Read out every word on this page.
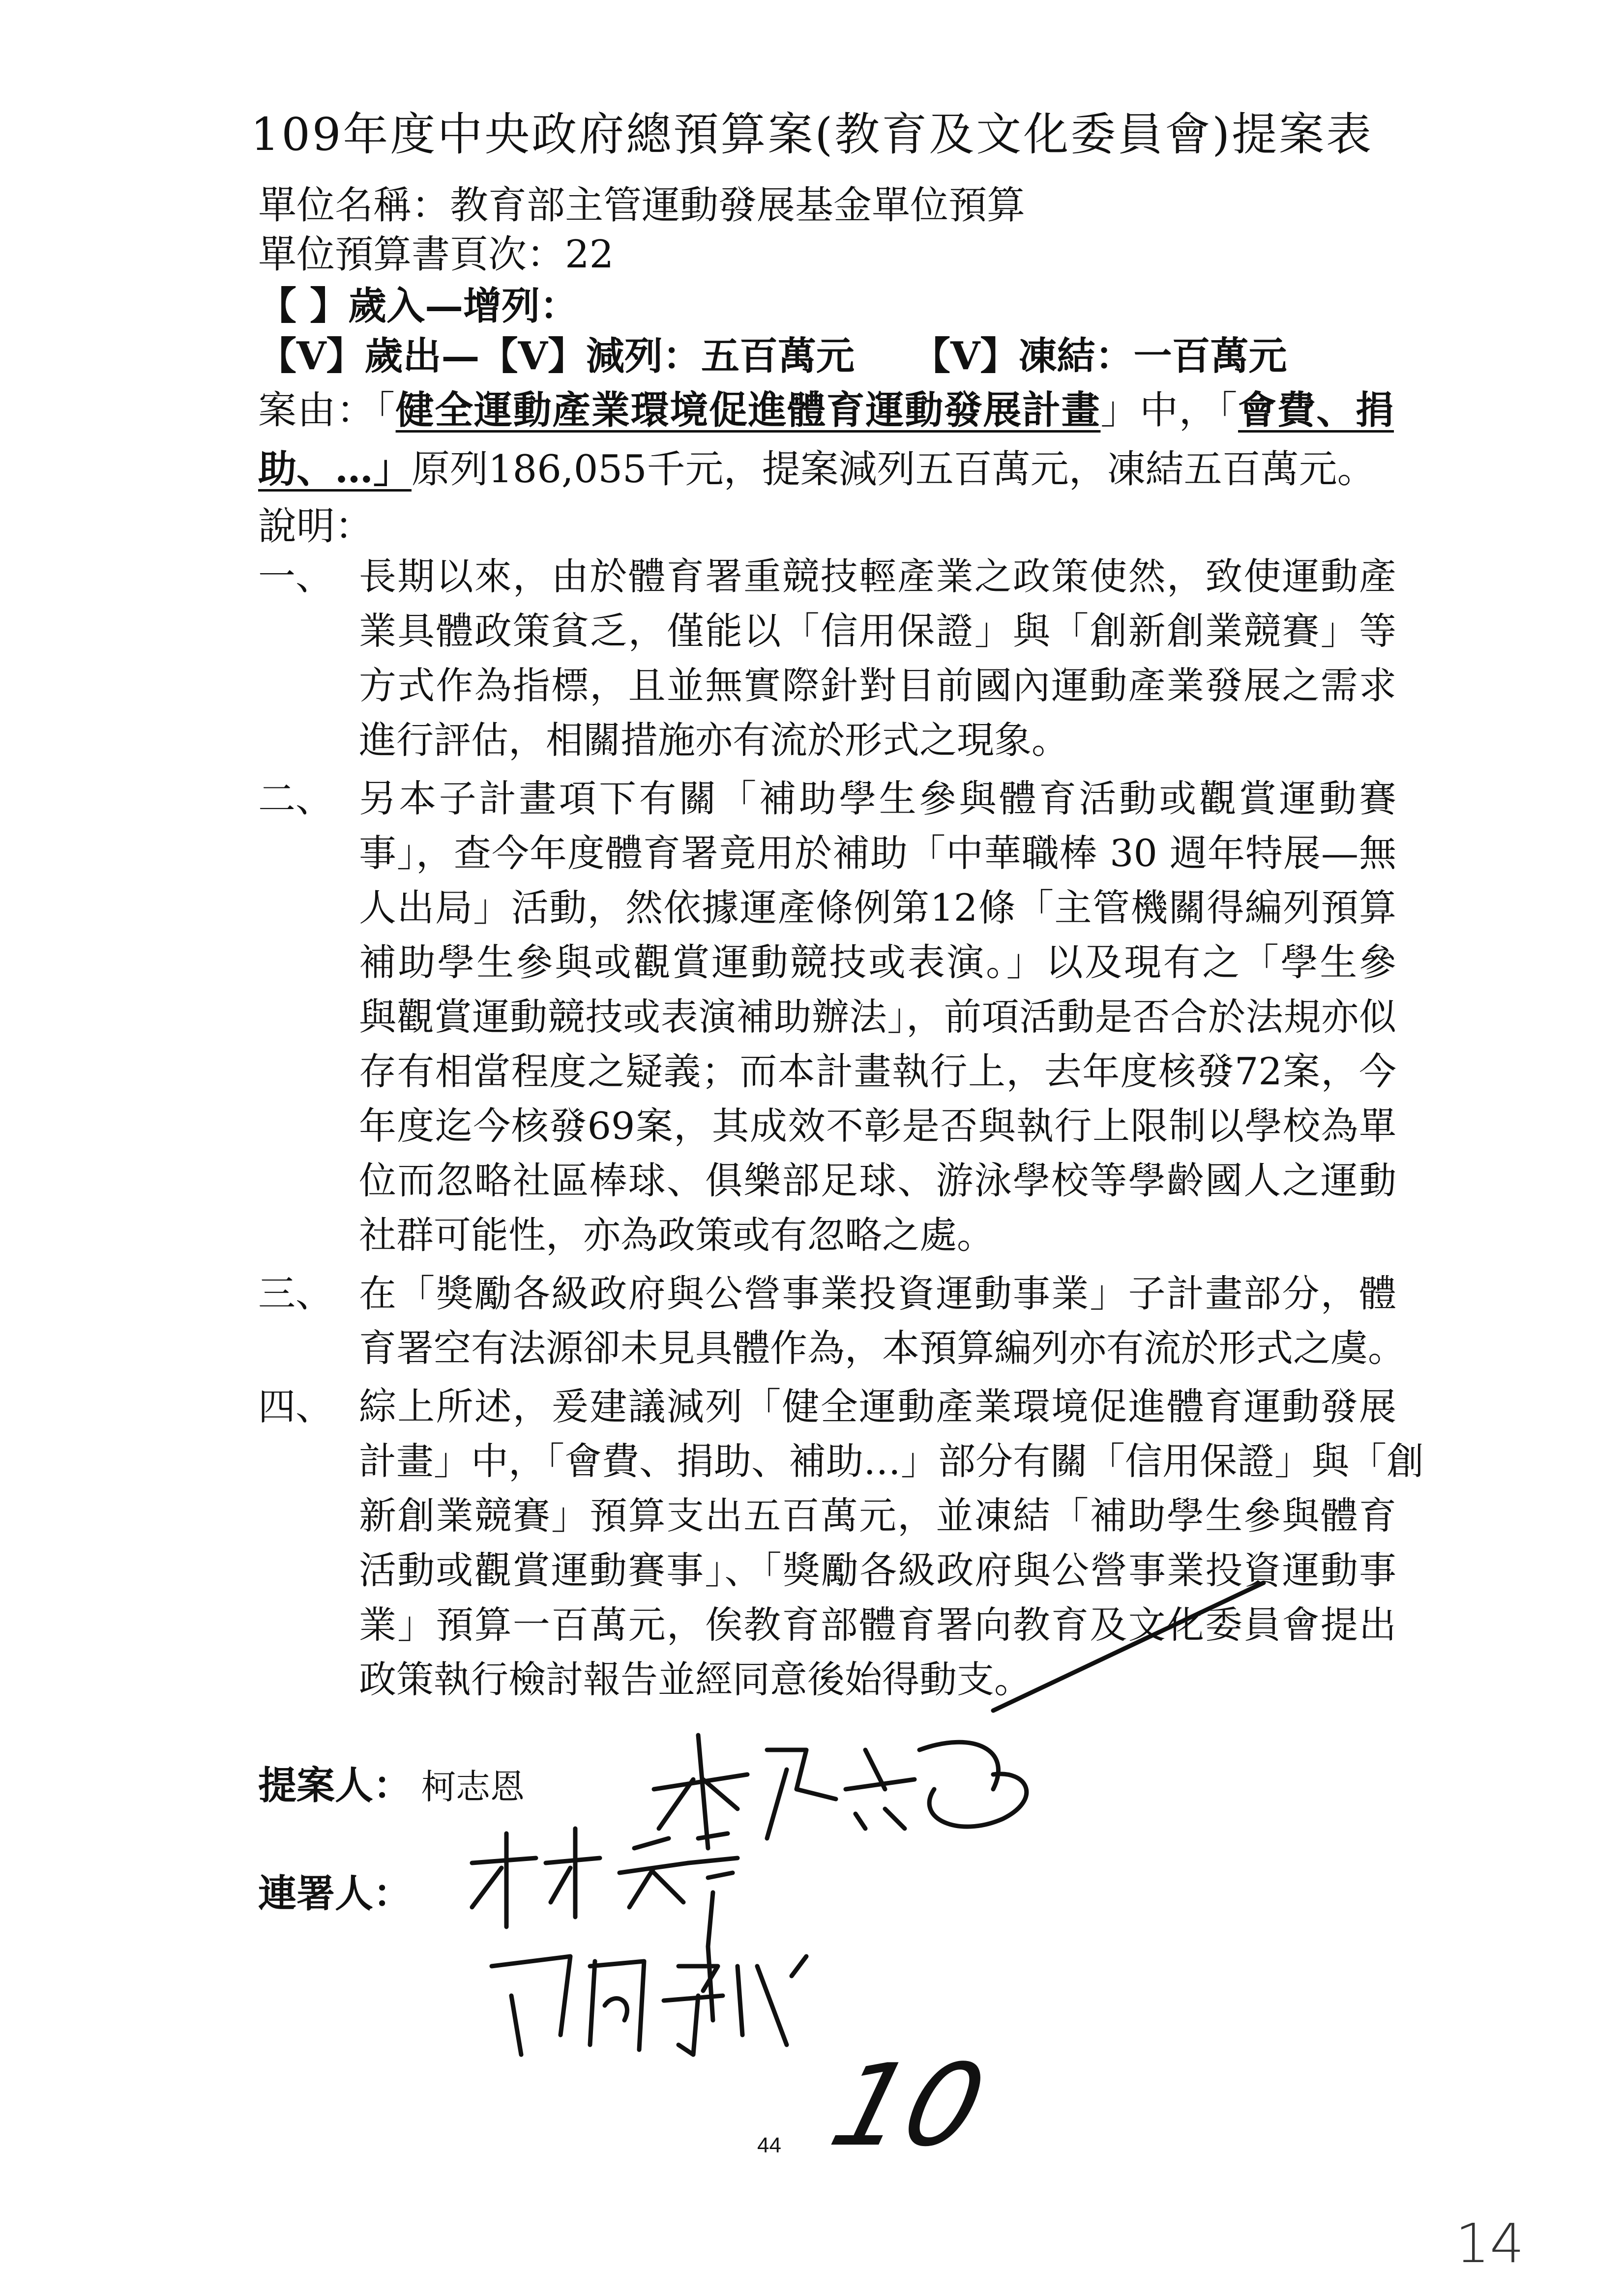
109年度中央政府總預算案(教育及文化委員會)提案表
單位名稱：教育部主管運動發展基金單位預算
單位預算書頁次：22
【 】歲入—增列：
【V】歲出—【V】減列：五百萬元　　【V】凍結：一百萬元
案由：「健全運動產業環境促進體育運動發展計畫」中，「會費、捐
助、…」原列186,055千元，提案減列五百萬元，凍結五百萬元。
說明：
一、 長期以來，由於體育署重競技輕產業之政策使然，致使運動產
業具體政策貧乏，僅能以「信用保證」與「創新創業競賽」等
方式作為指標，且並無實際針對目前國內運動產業發展之需求
進行評估，相關措施亦有流於形式之現象。
二、 另本子計畫項下有關「補助學生參與體育活動或觀賞運動賽
事」，查今年度體育署竟用於補助「中華職棒 30 週年特展—無
人出局」活動，然依據運產條例第12條「主管機關得編列預算
補助學生參與或觀賞運動競技或表演。」以及現有之「學生參
與觀賞運動競技或表演補助辦法」，前項活動是否合於法規亦似
存有相當程度之疑義；而本計畫執行上，去年度核發72案，今
年度迄今核發69案，其成效不彰是否與執行上限制以學校為單
位而忽略社區棒球、俱樂部足球、游泳學校等學齡國人之運動
社群可能性，亦為政策或有忽略之處。
三、 在「獎勵各級政府與公營事業投資運動事業」子計畫部分，體
育署空有法源卻未見具體作為，本預算編列亦有流於形式之虞。
四、 綜上所述，爰建議減列「健全運動產業環境促進體育運動發展
計畫」中，「會費、捐助、補助…」部分有關「信用保證」與「創
新創業競賽」預算支出五百萬元，並凍結「補助學生參與體育
活動或觀賞運動賽事」、「獎勵各級政府與公營事業投資運動事
業」預算一百萬元，俟教育部體育署向教育及文化委員會提出
政策執行檢討報告並經同意後始得動支。
提案人： 柯志恩
連署人：
44 10
14
